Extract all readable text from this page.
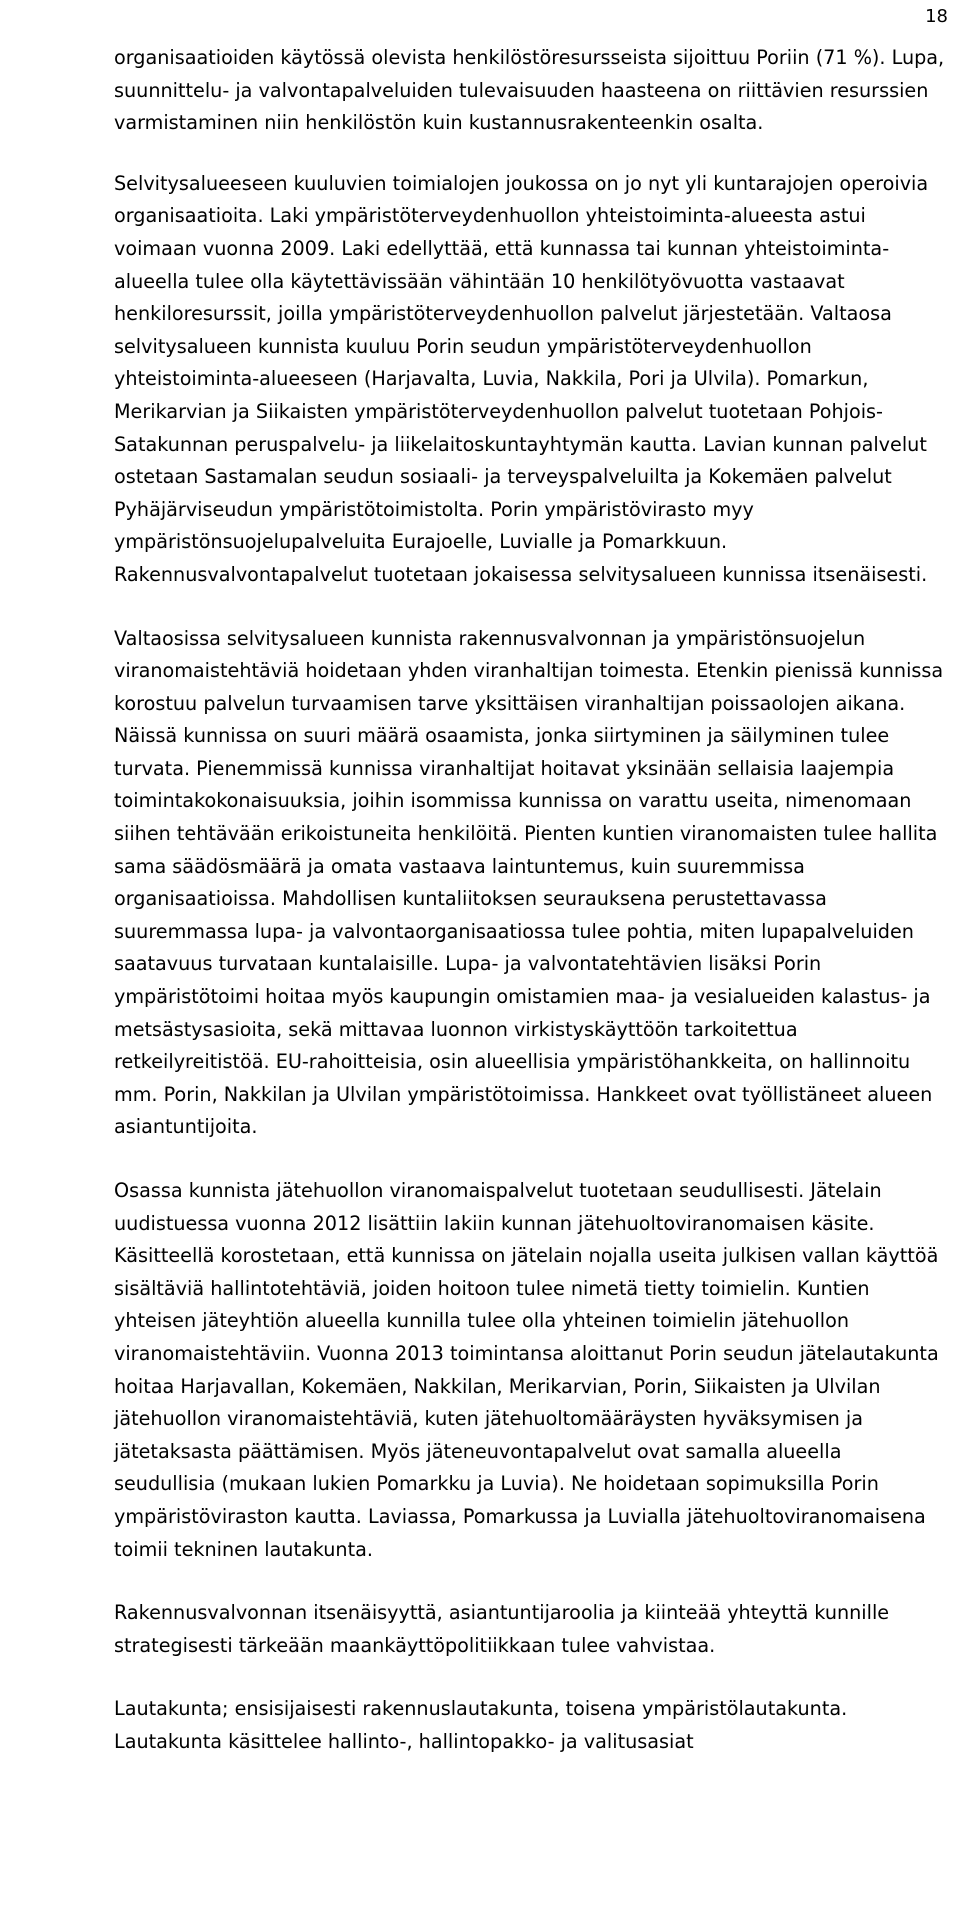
18

organisaatioiden käytössä olevista henkilöstöresursseista sijoittuu Poriin (71 %). Lupa, suunnittelu- ja valvontapalveluiden tulevaisuuden haasteena on riittävien resurssien varmistaminen niin henkilöstön kuin kustannusrakenteenkin osalta.

Selvitysalueeseen kuuluvien toimialojen joukossa on jo nyt yli kuntarajojen operoivia organisaatioita. Laki ympäristöterveydenhuollon yhteistoiminta-alueesta astui voimaan vuonna 2009. Laki edellyttää, että kunnassa tai kunnan yhteistoiminta-alueella tulee olla käytettävissään vähintään 10 henkilötyövuotta vastaavat henkiloresurssit, joilla ympäristöterveydenhuollon palvelut järjestetään. Valtaosa selvitysalueen kunnista kuuluu Porin seudun ympäristöterveydenhuollon yhteistoiminta-alueeseen (Harjavalta, Luvia, Nakkila, Pori ja Ulvila). Pomarkun, Merikarvian ja Siikaisten ympäristöterveydenhuollon palvelut tuotetaan Pohjois-Satakunnan peruspalvelu- ja liikelaitoskuntayhtymän kautta. Lavian kunnan palvelut ostetaan Sastamalan seudun sosiaali- ja terveyspalveluilta ja Kokemäen palvelut Pyhäjärviseudun ympäristötoimistolta. Porin ympäristövirasto myy ympäristönsuojelupalveluita Eurajoelle, Luvialle ja Pomarkkuun. Rakennusvalvontapalvelut tuotetaan jokaisessa selvitysalueen kunnissa itsenäisesti.

Valtaosissa selvitysalueen kunnista rakennusvalvonnan ja ympäristönsuojelun viranomaistehtäviä hoidetaan yhden viranhaltijan toimesta. Etenkin pienissä kunnissa korostuu palvelun turvaamisen tarve yksittäisen viranhaltijan poissaolojen aikana. Näissä kunnissa on suuri määrä osaamista, jonka siirtyminen ja säilyminen tulee turvata. Pienemmissä kunnissa viranhaltijat hoitavat yksinään sellaisia laajempia toimintakokonaisuuksia, joihin isommissa kunnissa on varattu useita, nimenomaan siihen tehtävään erikoistuneita henkilöitä. Pienten kuntien viranomaisten tulee hallita sama säädösmäärä ja omata vastaava laintuntemus, kuin suuremmissa organisaatioissa. Mahdollisen kuntaliitoksen seurauksena perustettavassa suuremmassa lupa- ja valvontaorganisaatiossa tulee pohtia, miten lupapalveluiden saatavuus turvataan kuntalaisille. Lupa- ja valvontatehtävien lisäksi Porin ympäristötoimi hoitaa myös kaupungin omistamien maa- ja vesialueiden kalastus- ja metsästysasioita, sekä mittavaa luonnon virkistyskäyttöön tarkoitettua retkeilyreitistöä. EU-rahoitteisia, osin alueellisia ympäristöhankkeita, on hallinnoitu mm. Porin, Nakkilan ja Ulvilan ympäristötoimissa. Hankkeet ovat työllistäneet alueen asiantuntijoita.

Osassa kunnista jätehuollon viranomaispalvelut tuotetaan seudullisesti. Jätelain uudistuessa vuonna 2012 lisättiin lakiin kunnan jätehuoltoviranomaisen käsite. Käsitteellä korostetaan, että kunnissa on jätelain nojalla useita julkisen vallan käyttöä sisältäviä hallintotehtäviä, joiden hoitoon tulee nimetä tietty toimielin. Kuntien yhteisen jäteyhtiön alueella kunnilla tulee olla yhteinen toimielin jätehuollon viranomaistehtäviin. Vuonna 2013 toimintansa aloittanut Porin seudun jätelautakunta hoitaa Harjavallan, Kokemäen, Nakkilan, Merikarvian, Porin, Siikaisten ja Ulvilan jätehuollon viranomaistehtäviä, kuten jätehuoltomääräysten hyväksymisen ja jätetaksasta päättämisen. Myös jäteneuvontapalvelut ovat samalla alueella seudullisia (mukaan lukien Pomarkku ja Luvia). Ne hoidetaan sopimuksilla Porin ympäristöviraston kautta. Laviassa, Pomarkussa ja Luvialla jätehuoltoviranomaisena toimii tekninen lautakunta.

Rakennusvalvonnan itsenäisyyttä, asiantuntijaroolia ja kiinteää yhteyttä kunnille strategisesti tärkeään maankäyttöpolitiikkaan tulee vahvistaa.

Lautakunta; ensisijaisesti rakennuslautakunta, toisena ympäristölautakunta. Lautakunta käsittelee hallinto-, hallintopakko- ja valitusasiat
